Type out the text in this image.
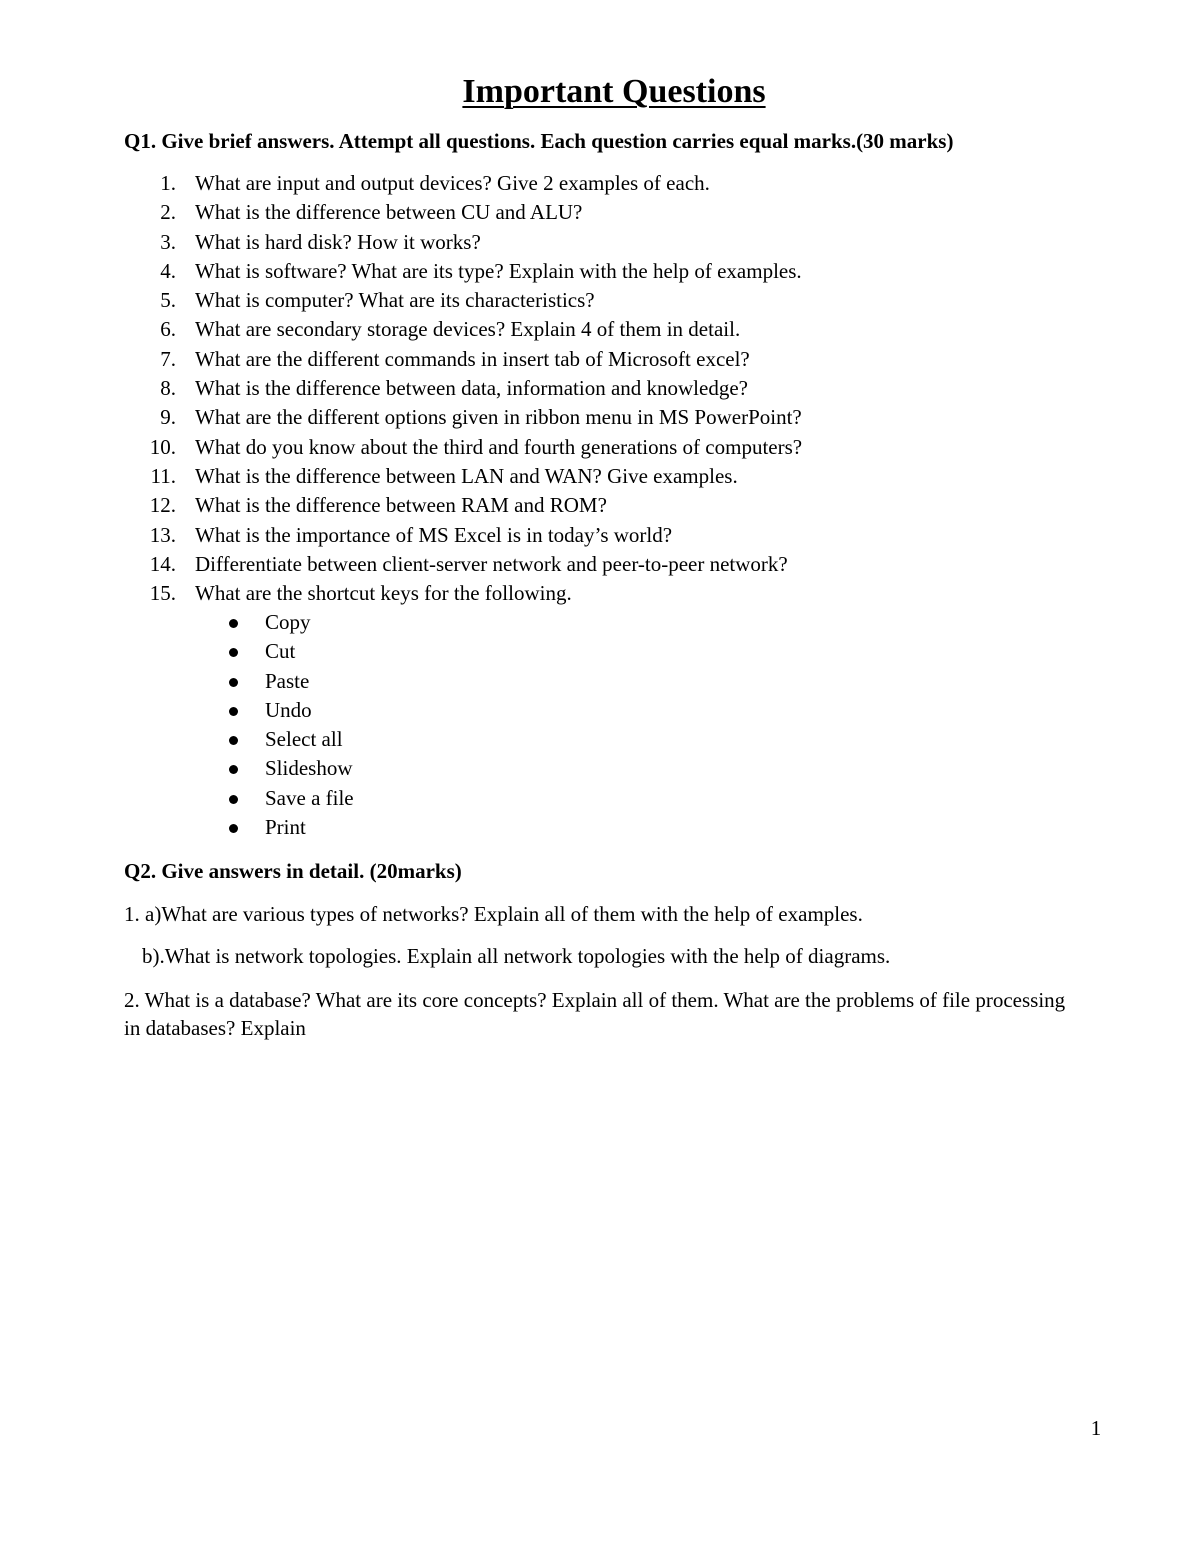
Important Questions

Q1. Give brief answers. Attempt all questions. Each question carries equal marks.(30 marks)

1. What are input and output devices? Give 2 examples of each.
2. What is the difference between CU and ALU?
3. What is hard disk? How it works?
4. What is software? What are its type? Explain with the help of examples.
5. What is computer? What are its characteristics?
6. What are secondary storage devices? Explain 4 of them in detail.
7. What are the different commands in insert tab of Microsoft excel?
8. What is the difference between data, information and knowledge?
9. What are the different options given in ribbon menu in MS PowerPoint?
10. What do you know about the third and fourth generations of computers?
11. What is the difference between LAN and WAN? Give examples.
12. What is the difference between RAM and ROM?
13. What is the importance of MS Excel is in today’s world?
14. Differentiate between client-server network and peer-to-peer network?
15. What are the shortcut keys for the following.
Copy
Cut
Paste
Undo
Select all
Slideshow
Save a file
Print

Q2. Give answers in detail. (20marks)

1. a)What are various types of networks? Explain all of them with the help of examples.

b).What is network topologies. Explain all network topologies with the help of diagrams.

2. What is a database? What are its core concepts? Explain all of them. What are the problems of file processing in databases? Explain

1
